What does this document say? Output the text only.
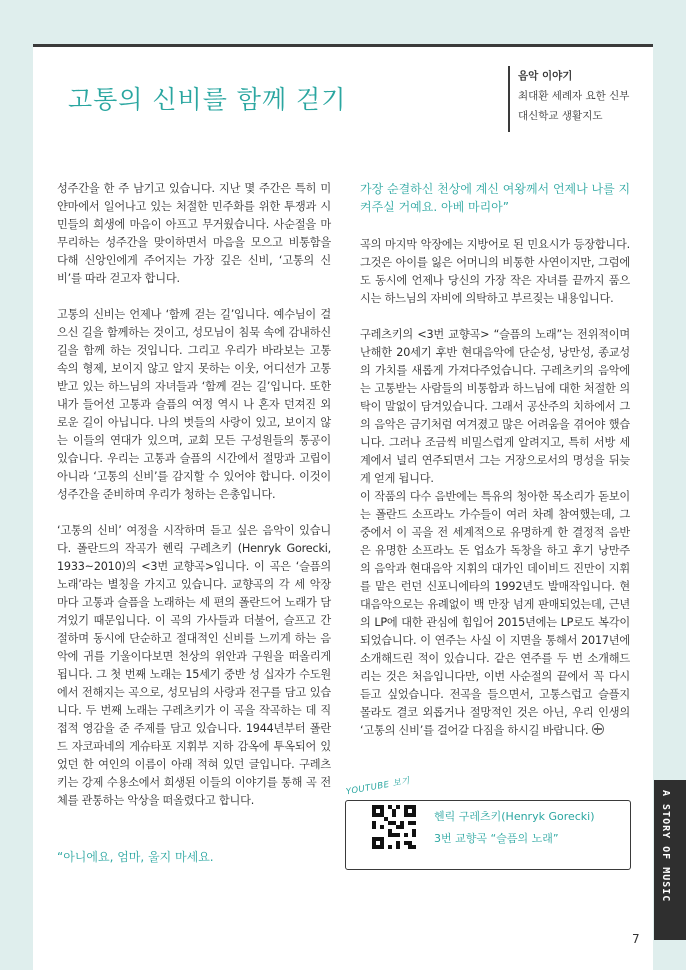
고통의 신비를 함께 걷기
음악 이야기
최대환 세례자 요한 신부
대신학교 생활지도

성주간을 한 주 남기고 있습니다. 지난 몇 주간은 특히 미얀마에서 일어나고 있는 처절한 민주화를 위한 투쟁과 시민들의 희생에 마음이 아프고 무거웠습니다. 사순절을 마무리하는 성주간을 맞이하면서 마음을 모으고 비통함을 다해 신앙인에게 주어지는 가장 깊은 신비, ‘고통의 신비’를 따라 걷고자 합니다.

고통의 신비는 언제나 ‘함께 걷는 길’입니다. 예수님이 걸으신 길을 함께하는 것이고, 성모님이 침묵 속에 감내하신 길을 함께 하는 것입니다. 그리고 우리가 바라보는 고통 속의 형제, 보이지 않고 알지 못하는 이웃, 어디선가 고통받고 있는 하느님의 자녀들과 ‘함께 걷는 길’입니다. 또한 내가 들어선 고통과 슬픔의 여정 역시 나 혼자 던져진 외로운 길이 아닙니다. 나의 벗들의 사랑이 있고, 보이지 않는 이들의 연대가 있으며, 교회 모든 구성원들의 통공이 있습니다. 우리는 고통과 슬픔의 시간에서 절망과 고립이 아니라 ‘고통의 신비’를 감지할 수 있어야 합니다. 이것이 성주간을 준비하며 우리가 청하는 은총입니다.

‘고통의 신비’ 여정을 시작하며 듣고 싶은 음악이 있습니다. 폴란드의 작곡가 헨릭 구레츠키 (Henryk Gorecki, 1933~2010)의 <3번 교향곡>입니다. 이 곡은 ‘슬픔의 노래’라는 별칭을 가지고 있습니다. 교향곡의 각 세 악장마다 고통과 슬픔을 노래하는 세 편의 폴란드어 노래가 담겨있기 때문입니다. 이 곡의 가사들과 더불어, 슬프고 간절하며 동시에 단순하고 절대적인 신비를 느끼게 하는 음악에 귀를 기울이다보면 천상의 위안과 구원을 떠올리게 됩니다. 그 첫 번째 노래는 15세기 중반 성 십자가 수도원에서 전해지는 곡으로, 성모님의 사랑과 전구를 담고 있습니다. 두 번째 노래는 구레츠키가 이 곡을 작곡하는 데 직접적 영감을 준 주제를 담고 있습니다. 1944년부터 폴란드 자코파네의 게슈타포 지휘부 지하 감옥에 투옥되어 있었던 한 여인의 이름이 아래 적혀 있던 글입니다. 구레츠키는 강제 수용소에서 희생된 이들의 이야기를 통해 곡 전체를 관통하는 악상을 떠올렸다고 합니다.

“아니에요, 엄마, 울지 마세요.
가장 순결하신 천상에 계신 여왕께서 언제나 나를 지켜주실 거예요. 아베 마리아”

곡의 마지막 악장에는 지방어로 된 민요시가 등장합니다. 그것은 아이를 잃은 어머니의 비통한 사연이지만, 그럼에도 동시에 언제나 당신의 가장 작은 자녀를 끝까지 품으시는 하느님의 자비에 의탁하고 부르짖는 내용입니다.

구레츠키의 <3번 교향곡> “슬픔의 노래”는 전위적이며 난해한 20세기 후반 현대음악에 단순성, 낭만성, 종교성의 가치를 새롭게 가져다주었습니다. 구레츠키의 음악에는 고통받는 사람들의 비통함과 하느님에 대한 처절한 의탁이 말없이 담겨있습니다. 그래서 공산주의 치하에서 그의 음악은 금기처럼 여겨졌고 많은 어려움을 겪어야 했습니다. 그러나 조금씩 비밀스럽게 알려지고, 특히 서방 세계에서 널리 연주되면서 그는 거장으로서의 명성을 뒤늦게 얻게 됩니다.

이 작품의 다수 음반에는 특유의 청아한 목소리가 돋보이는 폴란드 소프라노 가수들이 여러 차례 참여했는데, 그중에서 이 곡을 전 세계적으로 유명하게 한 결정적 음반은 유명한 소프라노 돈 업쇼가 독창을 하고 후기 낭만주의 음악과 현대음악 지휘의 대가인 데이비드 진만이 지휘를 맡은 런던 신포니에타의 1992년도 발매작입니다. 현대음악으로는 유례없이 백 만장 넘게 판매되었는데, 근년의 LP에 대한 관심에 힘입어 2015년에는 LP로도 복각이 되었습니다. 이 연주는 사실 이 지면을 통해서 2017년에 소개해드린 적이 있습니다. 같은 연주를 두 번 소개해드리는 것은 처음입니다만, 이번 사순절의 끝에서 꼭 다시 듣고 싶었습니다. 전곡을 들으면서, 고통스럽고 슬플지 몰라도 결코 외롭거나 절망적인 것은 아닌, 우리 인생의 ‘고통의 신비’를 걸어갈 다짐을 하시길 바랍니다.

YOUTUBE 보기
헨릭 구레츠키(Henryk Gorecki)
3번 교향곡 “슬픔의 노래”	A STORY OF MUSIC
7
